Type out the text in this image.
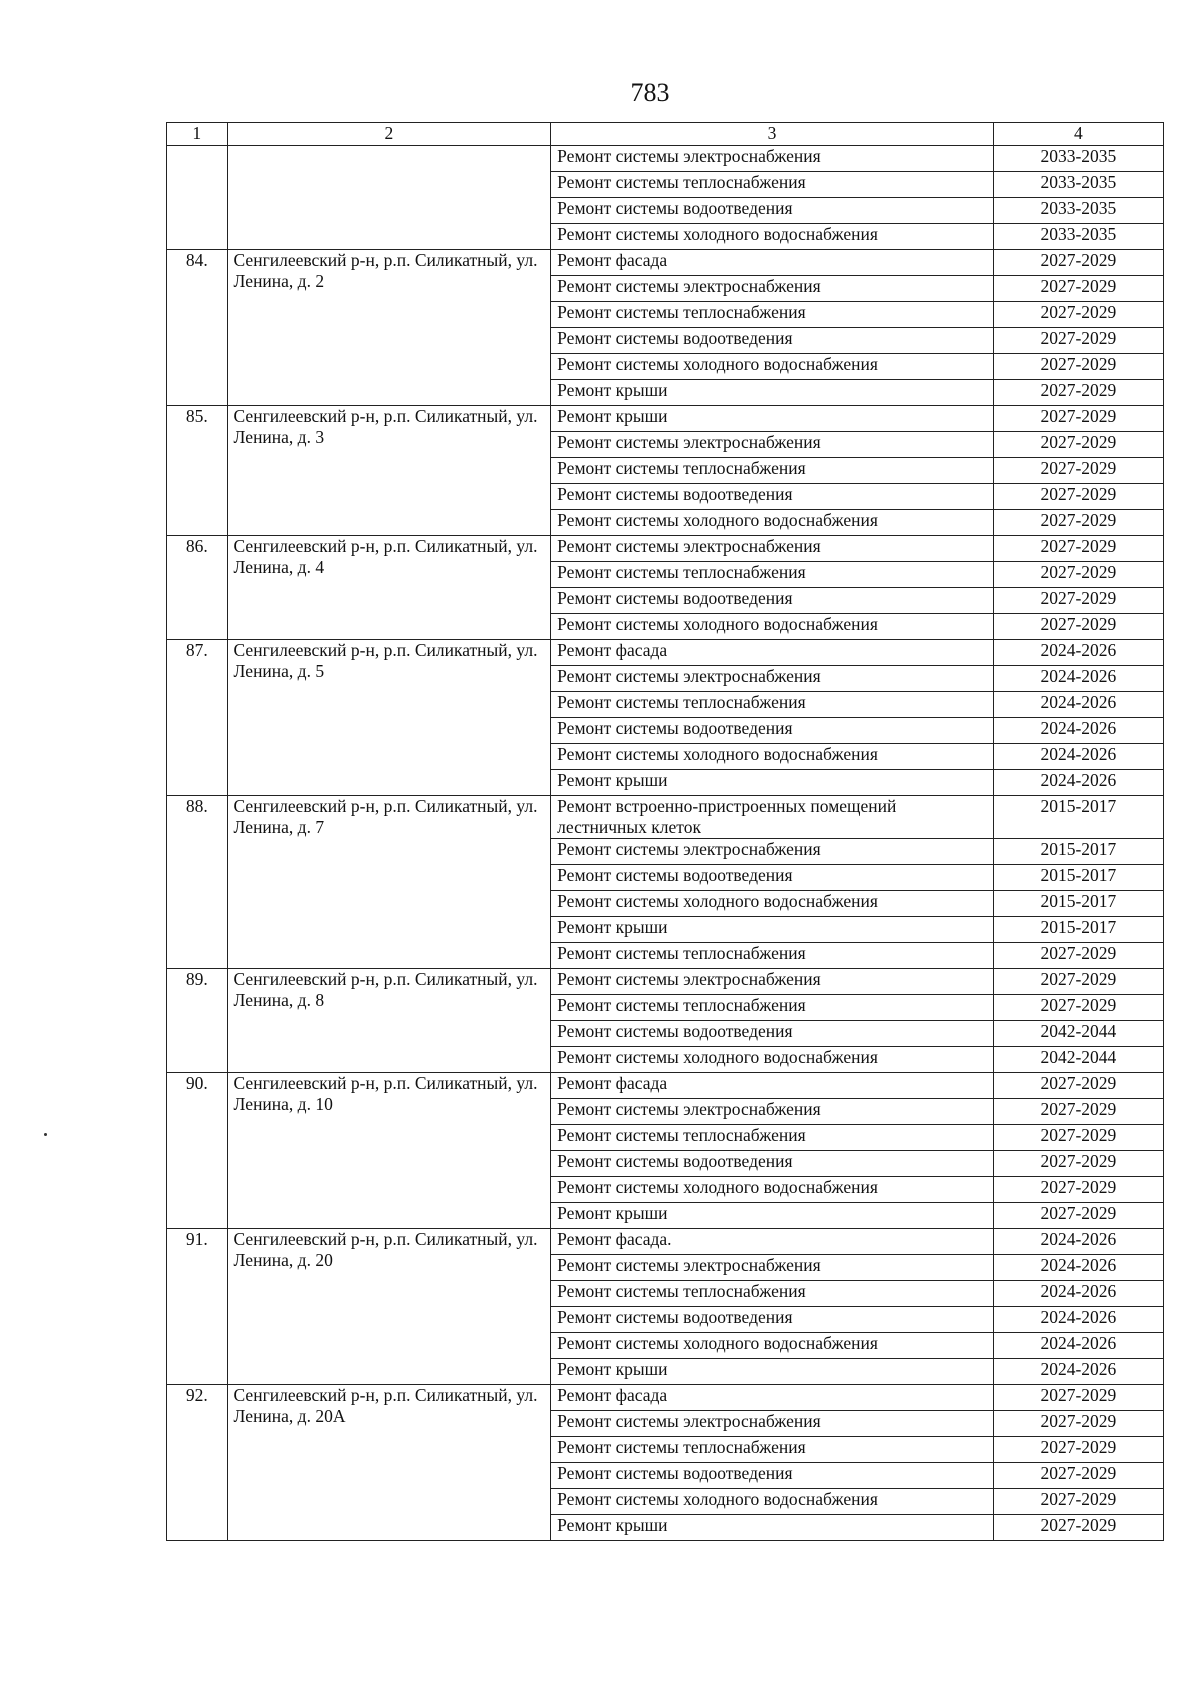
783
1	2	3	4
		Ремонт системы электроснабжения	2033-2035
		Ремонт системы теплоснабжения	2033-2035
		Ремонт системы водоотведения	2033-2035
		Ремонт системы холодного водоснабжения	2033-2035
84.	Сенгилеевский р-н, р.п. Силикатный, ул. Ленина, д. 2	Ремонт фасада	2027-2029
		Ремонт системы электроснабжения	2027-2029
		Ремонт системы теплоснабжения	2027-2029
		Ремонт системы водоотведения	2027-2029
		Ремонт системы холодного водоснабжения	2027-2029
		Ремонт крыши	2027-2029
85.	Сенгилеевский р-н, р.п. Силикатный, ул. Ленина, д. 3	Ремонт крыши	2027-2029
		Ремонт системы электроснабжения	2027-2029
		Ремонт системы теплоснабжения	2027-2029
		Ремонт системы водоотведения	2027-2029
		Ремонт системы холодного водоснабжения	2027-2029
86.	Сенгилеевский р-н, р.п. Силикатный, ул. Ленина, д. 4	Ремонт системы электроснабжения	2027-2029
		Ремонт системы теплоснабжения	2027-2029
		Ремонт системы водоотведения	2027-2029
		Ремонт системы холодного водоснабжения	2027-2029
87.	Сенгилеевский р-н, р.п. Силикатный, ул. Ленина, д. 5	Ремонт фасада	2024-2026
		Ремонт системы электроснабжения	2024-2026
		Ремонт системы теплоснабжения	2024-2026
		Ремонт системы водоотведения	2024-2026
		Ремонт системы холодного водоснабжения	2024-2026
		Ремонт крыши	2024-2026
88.	Сенгилеевский р-н, р.п. Силикатный, ул. Ленина, д. 7	Ремонт встроенно-пристроенных помещений лестничных клеток	2015-2017
		Ремонт системы электроснабжения	2015-2017
		Ремонт системы водоотведения	2015-2017
		Ремонт системы холодного водоснабжения	2015-2017
		Ремонт крыши	2015-2017
		Ремонт системы теплоснабжения	2027-2029
89.	Сенгилеевский р-н, р.п. Силикатный, ул. Ленина, д. 8	Ремонт системы электроснабжения	2027-2029
		Ремонт системы теплоснабжения	2027-2029
		Ремонт системы водоотведения	2042-2044
		Ремонт системы холодного водоснабжения	2042-2044
90.	Сенгилеевский р-н, р.п. Силикатный, ул. Ленина, д. 10	Ремонт фасада	2027-2029
		Ремонт системы электроснабжения	2027-2029
		Ремонт системы теплоснабжения	2027-2029
		Ремонт системы водоотведения	2027-2029
		Ремонт системы холодного водоснабжения	2027-2029
		Ремонт крыши	2027-2029
91.	Сенгилеевский р-н, р.п. Силикатный, ул. Ленина, д. 20	Ремонт фасада.	2024-2026
		Ремонт системы электроснабжения	2024-2026
		Ремонт системы теплоснабжения	2024-2026
		Ремонт системы водоотведения	2024-2026
		Ремонт системы холодного водоснабжения	2024-2026
		Ремонт крыши	2024-2026
92.	Сенгилеевский р-н, р.п. Силикатный, ул. Ленина, д. 20А	Ремонт фасада	2027-2029
		Ремонт системы электроснабжения	2027-2029
		Ремонт системы теплоснабжения	2027-2029
		Ремонт системы водоотведения	2027-2029
		Ремонт системы холодного водоснабжения	2027-2029
		Ремонт крыши	2027-2029
